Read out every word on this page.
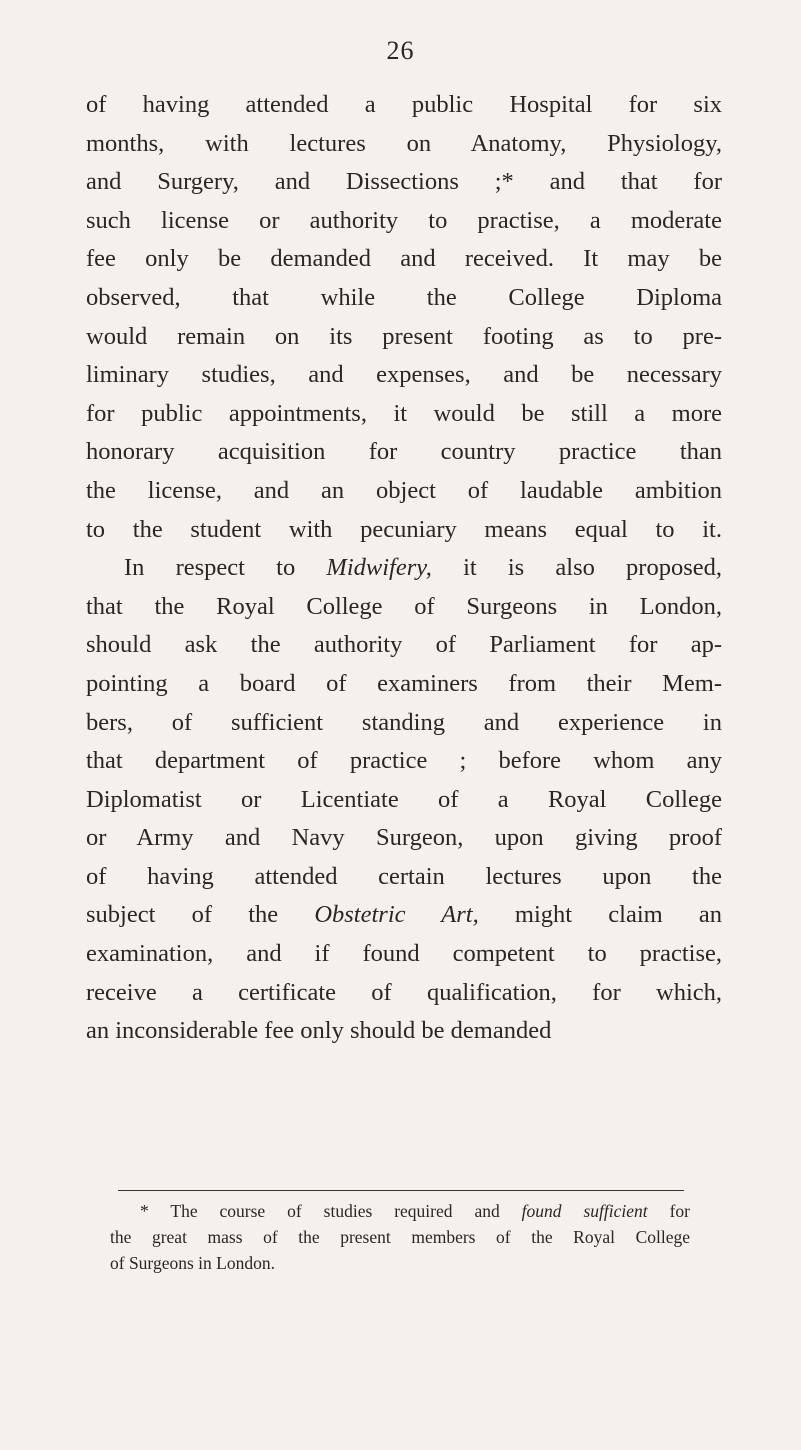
26
of having attended a public Hospital for six
months, with lectures on Anatomy, Physiology,
and Surgery, and Dissections ;* and that for
such license or authority to practise, a moderate
fee only be demanded and received. It may be
observed, that while the College Diploma
would remain on its present footing as to pre-
liminary studies, and expenses, and be necessary
for public appointments, it would be still a more
honorary acquisition for country practice than
the license, and an object of laudable ambition
to the student with pecuniary means equal to it.
In respect to Midwifery, it is also proposed,
that the Royal College of Surgeons in London,
should ask the authority of Parliament for ap-
pointing a board of examiners from their Mem-
bers, of sufficient standing and experience in
that department of practice ; before whom any
Diplomatist or Licentiate of a Royal College
or Army and Navy Surgeon, upon giving proof
of having attended certain lectures upon the
subject of the Obstetric Art, might claim an
examination, and if found competent to practise,
receive a certificate of qualification, for which,
an inconsiderable fee only should be demanded
* The course of studies required and found sufficient for
the great mass of the present members of the Royal College
of Surgeons in London.
